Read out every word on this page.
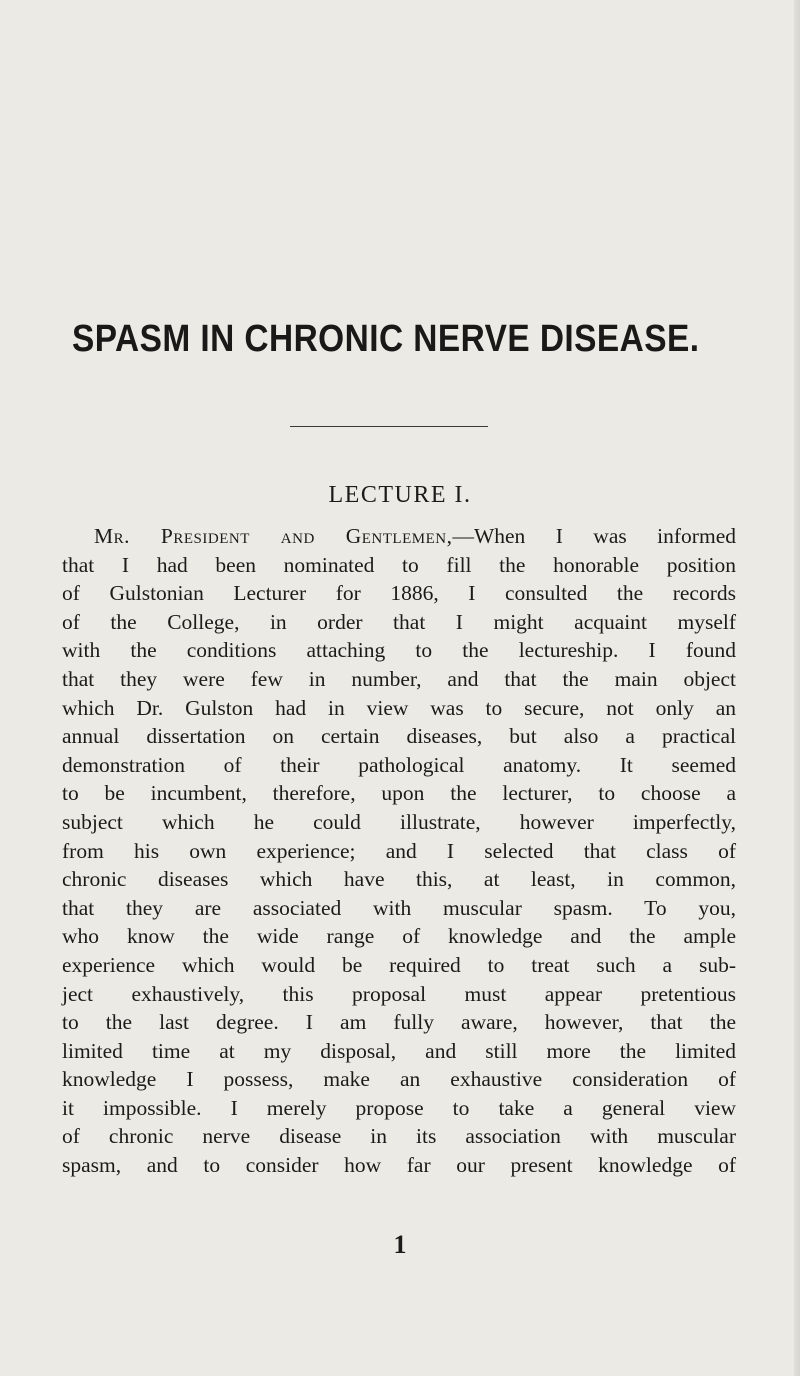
SPASM IN CHRONIC NERVE DISEASE.
LECTURE I.
Mr. President and Gentlemen,—When I was informed
that I had been nominated to fill the honorable position
of Gulstonian Lecturer for 1886, I consulted the records
of the College, in order that I might acquaint myself
with the conditions attaching to the lectureship. I found
that they were few in number, and that the main object
which Dr. Gulston had in view was to secure, not only an
annual dissertation on certain diseases, but also a practical
demonstration of their pathological anatomy. It seemed
to be incumbent, therefore, upon the lecturer, to choose a
subject which he could illustrate, however imperfectly,
from his own experience; and I selected that class of
chronic diseases which have this, at least, in common,
that they are associated with muscular spasm. To you,
who know the wide range of knowledge and the ample
experience which would be required to treat such a sub-
ject exhaustively, this proposal must appear pretentious
to the last degree. I am fully aware, however, that the
limited time at my disposal, and still more the limited
knowledge I possess, make an exhaustive consideration of
it impossible. I merely propose to take a general view
of chronic nerve disease in its association with muscular
spasm, and to consider how far our present knowledge of
1
